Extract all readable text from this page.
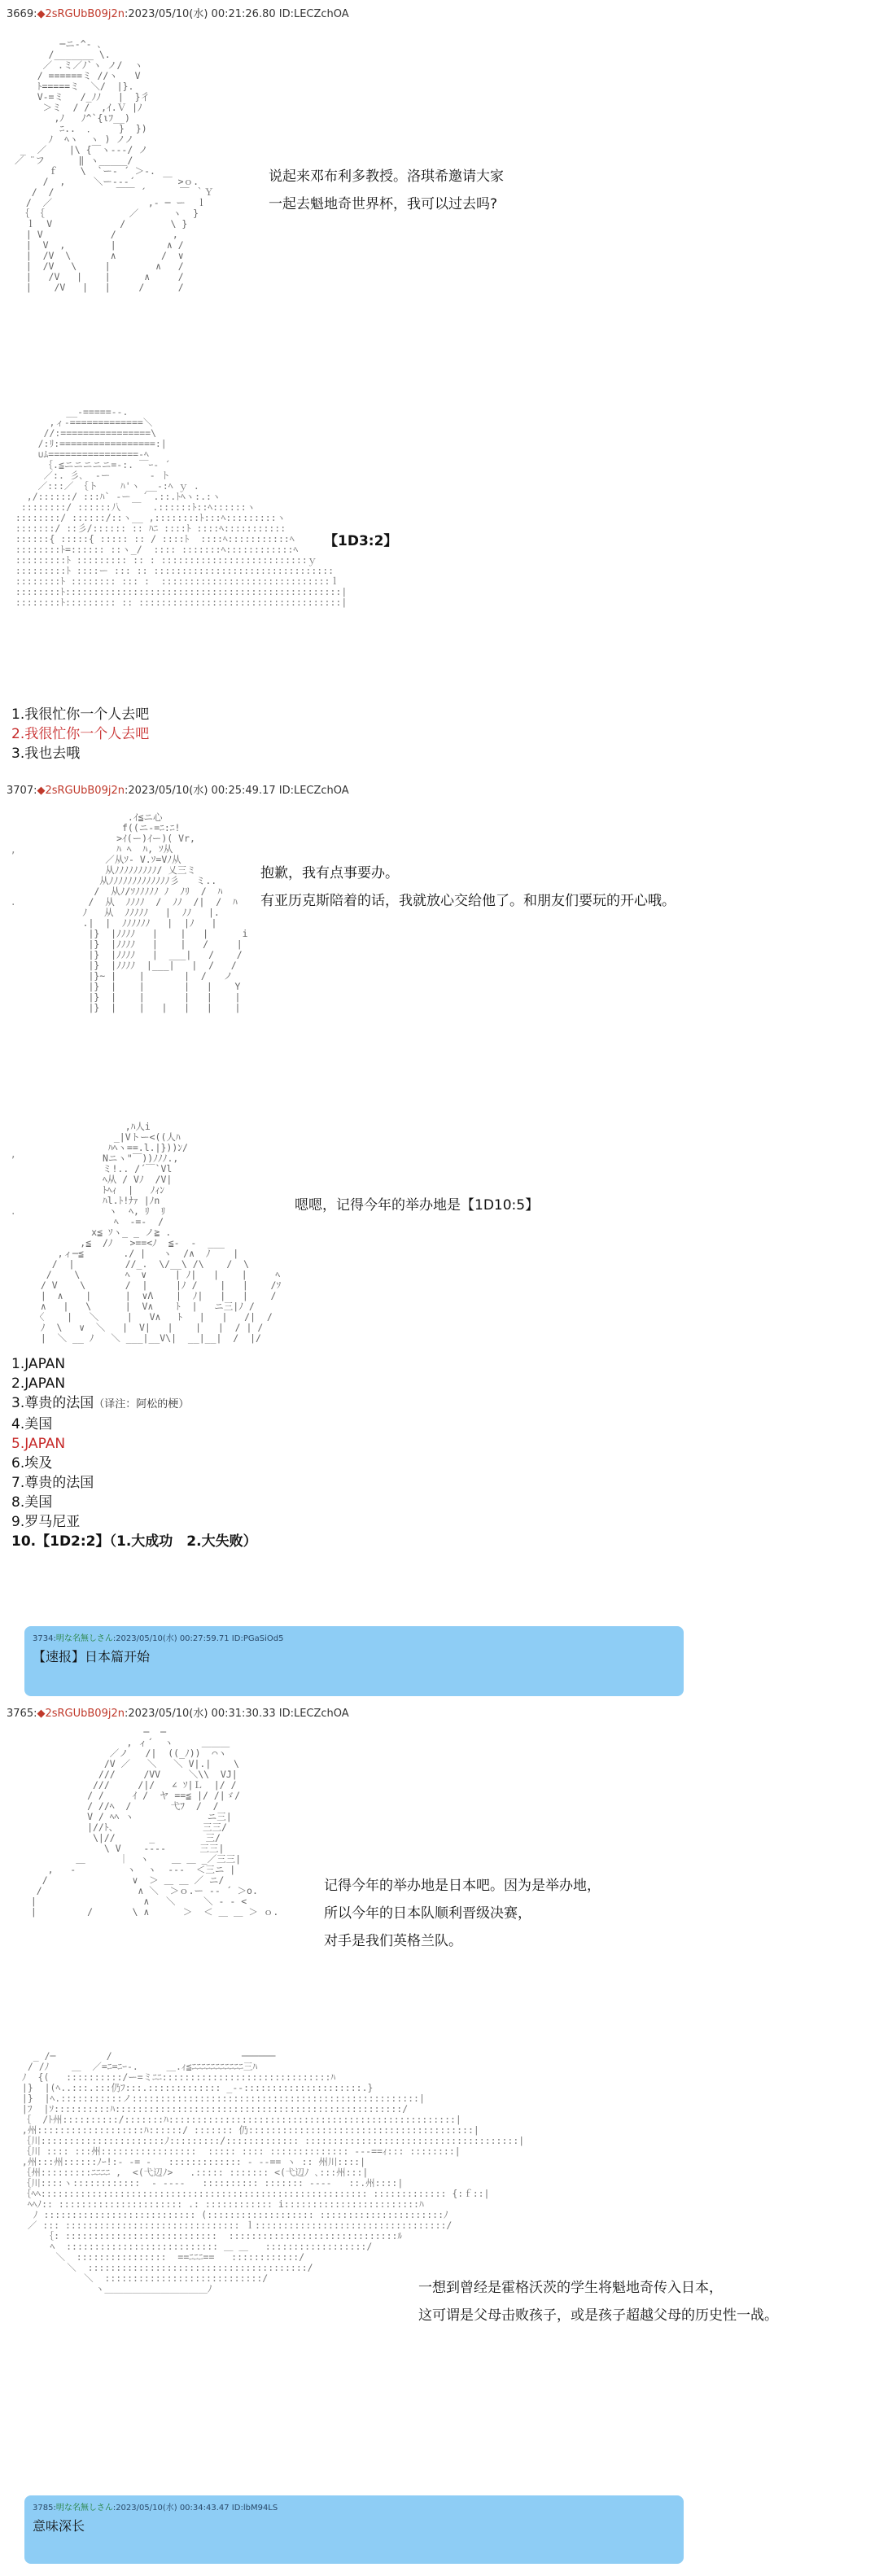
3669:◆2sRGUbB09j2n:2023/05/10(水) 00:21:26.80 ID:LECZchOA
─ニ-^‐ ､
/_______ \.
／ .ミ／ﾉ`ヽ ノ/  ヽ
/ ======ミ //ヽ   V
ﾄ=====ミ  ＼/  |}.
V-=ミ   /_ﾉﾉ   |  }彳
＞ミ  / /  ,ｲ.Ｖ |ﾉ
,ﾉ   ﾉ^`{ιﾌ__)
ﾆ..  ．    }  })
ﾉ  ﾍヽ  ヽ ) ノノ
_  ／    |\ {￣ヽ--‐/ ノ
／ ¨フ      ‖ ヽ_____/
ｆ    \  `ー‐ ´ ＞-.
/  ,     ＼ー--‐´     ￣ >ｏ.
/  /           ￣￣ ´      ￣ ｀Ｙ
/  ／                 ,‐ ─ ー  ｌ
｛ ｛               ／      ヽ  }
ｌ  V            /        \ }
| V            /          ,
|  V  ,        |         ∧ /
|  /V  \       ∧        /  ∨
|  /V   \     |        ∧   /
|   /V   |    |      ∧     /
|    /V   |   |     /      /

说起来邓布利多教授。洛琪希邀请大家
一起去魁地奇世界杯，我可以过去吗?
__-=====--.
,ィ-=============＼
//:================\
/:ﾘ:=================:|
∪ﾑ================-ﾍ
｛.≦ニニニニニ=-:. ￣ｰ‐ ´
／:. 彡､  ‐ー       ‐ ト
／:::／ ｛ト    ﾊ'ヽ __-:ﾍ ｙ .
,/::::::/ :::ﾊ` ‐ー  ´ .::.ﾄﾍヽ:.:ヽ
::::::::/ ::::::八  ￣  .::::::ﾄ::ﾍ::::::ヽ
::::::::/ ::::::/::ヽ__ ,::::::::ﾄ:::ﾍ:::::::::ヽ
:::::::/ ::彡/:::::: :: ﾊﾆ ::::ﾄ ::::ﾍ:::::::::::
::::::{ :::::{ ::::: :: / ::::ﾄ  ::::ﾍ:::::::::::ﾍ
::::::::ﾄ=:::::: ::ヽ_/  :::: :::::::ﾍ::::::::::::ﾍ
:::::::::ﾄ ::::::::: :: : ::::::::::::::::::::::::::ｙ
:::::::::ﾄ ::::ー ::: :: ::::::::::::::::::::::::::::::::
::::::::ﾄ :::::::: ::: :  ::::::::::::::::::::::::::::::ｌ
::::::::ﾄ:::::::::::::::::::::::::::::::::::::::::::::::::|
::::::::ﾄ::::::::: :: ::::::::::::::::::::::::::::::::::::|

【1D3:2】
1.我很忙你一个人去吧
2.我很忙你一个人去吧
3.我也去哦
3707:◆2sRGUbB09j2n:2023/05/10(水) 00:25:49.17 ID:LECZchOA
.ｲ≦ニ心
f((ニ-=ﾆ:ﾆ!
>ｲ(ー)ｲー)( Vr,
ﾊ ﾍ  ﾊ, ｿ从
／从ｿ- V.ｿ=Vﾉ从
从ﾉﾉﾉﾉﾉﾉﾉﾉﾉ/ 乂三ミ
从ﾉﾉﾉﾉﾉﾉﾉﾉﾉﾉﾉﾉﾉ彡   ミ..
/  从ﾉ/ｿﾉﾉﾉﾉﾉ ﾉ  ﾉﾘ  /  ﾊ
/  从  ﾉﾉﾉﾉ  /  ﾉﾉ  /|  /  ﾊ
ﾉ   从  ﾉﾉﾉﾉﾉ   |  ﾉﾉ   |.
.|  |  ﾉﾉﾉﾉﾉﾉ   |  |ﾉ   |
|}  |ﾉﾉﾉﾉ   |    |   |      i
|}  |ﾉﾉﾉﾉ   |    |   /     |
|}  |ﾉﾉﾉﾉ   |  ___|   /    /
|}  |ﾉﾉﾉﾉ  |___|   |  /   /
|}~ |    |       |  /   ノ
|}  |    |       |   |    Y
|}  |    |       |   |    |
|}  |    |   |   |   |    |

抱歉，我有点事要办。
有亚历克斯陪着的话，我就放心交给他了。和朋友们要玩的开心哦。
,
.
,ﾊ人i
_|Vトー<((人ﾊ
ﾊﾍヽ==.l.|}))ﾝ/
Nニヽ"￣))ﾉﾉﾉ.,
ミ!.. /´￣`Vl
ﾍ从 / Vﾉ  /V|
ﾄﾍｨ  |   ﾉｨﾝ
ﾊl.ﾄ!ﾅｧ |ﾉn
ヽ  ﾍ, ﾘ  ﾘ
ﾍ  -=-  /
x≦ ｿヽ_ _ ノ≧ .
,≦  /ﾉ   >==<ﾉ  ≦‐  -  ___
,ィ─≦       ./ |   ヽ  /∧  ﾉ    |
/  |         //_.  \/__\ /\    /  \
/    \        ﾍ  ∨     | ﾉ|   |    |     ﾍ
/ V    \       /  |     |ﾉ /    |   |    /ｿ
|  ∧    |      |  ∨Λ    |  ﾉ|   |   |    /
∧   |   \      |  V∧    ﾄ  |   ニ三|ﾉ /
〈    |   ＼     |   V∧   ﾄ   |   |   /|  /
ﾉ  \   ∨  ＼   |  V|   |    |   |  / | /
|  ＼ __ ﾉ   ＼ ___|__V\|  __|__|  /  |/

嗯嗯，记得今年的举办地是【1D10:5】
,
.
1.JAPAN
2.JAPAN
3.尊贵的法国（译注：阿松的梗）
4.美国
5.JAPAN
6.埃及
7.尊贵的法国
8.美国
9.罗马尼亚
10.【1D2:2】（1.大成功　2.大失败）
3734:明な名無しさん:2023/05/10(水) 00:27:59.71 ID:PGaSiOd5
【速报】日本篇开始
3765:◆2sRGUbB09j2n:2023/05/10(水) 00:31:30.33 ID:LECZchOA
─  ─
, ィ´  ヽ     ＿＿＿
／ノ   /|  ((_ﾉ))  ⌒ヽ
/V ／   ＼   ＼ V|.|    \
///     /VV     ＼\\  VJ|
///     /|/   ∠ ｿ|Ｌ  |/ /
/ /     ｲ /  ヤ ==≦ |/ /|ゞ/
/ //ﾍ  /       弋ﾌ  /  /
V / ﾍﾍ ヽ             ニ三|
|//ﾄ、               三三/
\|//      _         三/
\ V    ‐‐‐‐      三三|
＿      ｜  ヽ    ＿ ＿ _／三三|
,   ‐         ヽ  ヽ  ‐‐‐  ＜三ニ |
/               ∨  ＞ ＿ ＿ ／ ニ/
/                 ∧ ＼  ＞ｏ.ー ‐‐ ´ ＞o.
|                   ∧   ＼     ＼ - ‐ <
|         /       \ ∧      ＞  ＜ ＿ ＿ ＞ ｏ.

记得今年的举办地是日本吧。因为是举办地，
所以今年的日本队顺利晋级决赛，
对手是我们英格兰队。
_ /─         /                       ──────
/ /ﾉ    ＿  ／=ﾆ=ﾆｰ‐.     ＿.ｨ≦ﾆﾆﾆﾆﾆﾆﾆﾆﾆﾆﾆ三ﾊ
ﾉ  {(   ::::::::::/ー=ミﾆﾆ::::::::::::::::::::::::::::::ﾊ
|}  |(ﾍ..:::.:::仍ﾌ:::.::::::::::::: _‐-:::::::::::::::::::::.}
|}  |ﾍ.:::::::::::ノ:::::::::::::::::::::::::::::::::::::::::::::::::::|
|ﾌ  |ｿ::::::::::ﾊ:::::::::::::::::::::::::::::::::::::::::::::::::::/
｛  /ﾄ州::::::::::/:::::::ﾊ:::::::::::::::::::::::::::::::::::::::::::::::::::|
,州:::::::::::::::::::ﾊ::::::/ ::::::: 仍::::::::::::::::::::::::::::::::::::::::|
｛川::::::::::::::::::::::ﾉ:::::::::/::::::::::::: ::::::::::::::::::::::::::::::::::::::|
｛川 :::: :::州:::::::::::::::::  ::::: :::: :::::::::::::: ---==ｨ::: ::::::::|
,州:::州::::::ﾉｰ!:- -= ‐   ::::::::::::: ‐ ‐‐== ヽ :: 州川::::|
｛州:::::::::ﾆﾆﾆﾆ ,  <(弋辺ﾉ>   .::::: ::::::: <(弋辺ﾉ ､:::州:::|
｛川::::ヽ::::::::::::  ‐ ---‐   :::::::::: ::::::: ‐‐--   ::.州::::|
｛ﾍﾍ:::::::::::::::::::::::::::::::::::::::::::::::::::::::::: ::::::::::::: {:ｆ::|
ﾍﾍﾉ:: :::::::::::::::::::::: .: :::::::::::: i::::::::::::::::::::::::ﾊ
ﾉ ::::::::::::::::::::::::::: (::::::::::::::::::: ::::::::::::::::::::::ﾉ
／ ::: ::::::::::::::::::::::::::::::: ｌ::::::::::::::::::::::::::::::::::/
｛: :::::::::::::::::::::::::::  ::::::::::::::::::::::::::::::ﾙ
ﾍ  ::::::::::::::::::::::::::: ＿ ＿   ::::::::::::::::::/
＼  ::::::::::::::::  ==ﾆﾆﾆ==   ::::::::::::/
＼  :::::::::::::::::::::::::::::::::::::::/
＼  ::::::::::::::::::::::::::::/
ヽ＿＿＿＿＿＿＿＿＿＿＿ﾉ	一想到曾经是霍格沃茨的学生将魁地奇传入日本，
这可谓是父母击败孩子，或是孩子超越父母的历史性一战。
3785:明な名無しさん:2023/05/10(水) 00:34:43.47 ID:lbM94LS
意味深长
